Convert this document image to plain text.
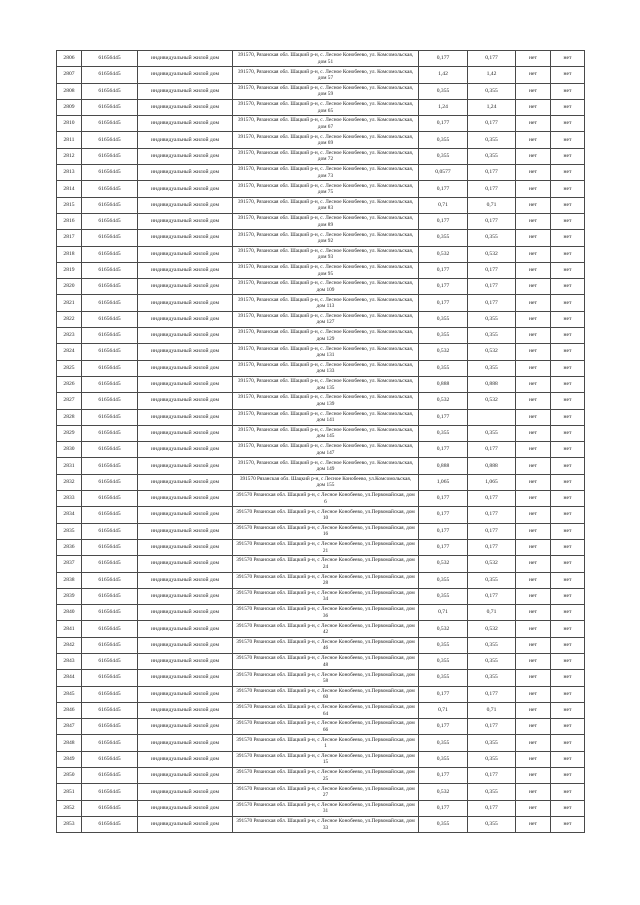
2806	61656445	индивидуальный жилой дом	391570, Рязанская обл. Шацкий р-н, с. Лесное Конобеево, ул. Комсомольская, дом 51	0,177	0,177	нет	нет
2807	61656445	индивидуальный жилой дом	391570, Рязанская обл. Шацкий р-н, с. Лесное Конобеево, ул. Комсомольская, дом 57	1,42	1,42	нет	нет
2808	61656445	индивидуальный жилой дом	391570, Рязанская обл. Шацкий р-н, с. Лесное Конобеево, ул. Комсомольская, дом 59	0,355	0,355	нет	нет
2809	61656445	индивидуальный жилой дом	391570, Рязанская обл. Шацкий р-н, с. Лесное Конобеево, ул. Комсомольская, дом 65	1,24	1,24	нет	нет
2810	61656445	индивидуальный жилой дом	391570, Рязанская обл. Шацкий р-н, с. Лесное Конобеево, ул. Комсомольская, дом 67	0,177	0,177	нет	нет
2811	61656445	индивидуальный жилой дом	391570, Рязанская обл. Шацкий р-н, с. Лесное Конобеево, ул. Комсомольская, дом 69	0,355	0,355	нет	нет
2812	61656445	индивидуальный жилой дом	391570, Рязанская обл. Шацкий р-н, с. Лесное Конобеево, ул. Комсомольская, дом 72	0,355	0,355	нет	нет
2813	61656445	индивидуальный жилой дом	391570, Рязанская обл. Шацкий р-н, с. Лесное Конобеево, ул. Комсомольская, дом 73	0,0577	0,177	нет	нет
2814	61656445	индивидуальный жилой дом	391570, Рязанская обл. Шацкий р-н, с. Лесное Конобеево, ул. Комсомольская, дом 75	0,177	0,177	нет	нет
2815	61656445	индивидуальный жилой дом	391570, Рязанская обл. Шацкий р-н, с. Лесное Конобеево, ул. Комсомольская, дом 83	0,71	0,71	нет	нет
2816	61656445	индивидуальный жилой дом	391570, Рязанская обл. Шацкий р-н, с. Лесное Конобеево, ул. Комсомольская, дом 89	0,177	0,177	нет	нет
2817	61656445	индивидуальный жилой дом	391570, Рязанская обл. Шацкий р-н, с. Лесное Конобеево, ул. Комсомольская, дом 92	0,355	0,355	нет	нет
2818	61656445	индивидуальный жилой дом	391570, Рязанская обл. Шацкий р-н, с. Лесное Конобеево, ул. Комсомольская, дом 93	0,532	0,532	нет	нет
2819	61656445	индивидуальный жилой дом	391570, Рязанская обл. Шацкий р-н, с. Лесное Конобеево, ул. Комсомольская, дом 95	0,177	0,177	нет	нет
2820	61656445	индивидуальный жилой дом	391570, Рязанская обл. Шацкий р-н, с. Лесное Конобеево, ул. Комсомольская, дом 109	0,177	0,177	нет	нет
2821	61656445	индивидуальный жилой дом	391570, Рязанская обл. Шацкий р-н, с. Лесное Конобеево, ул. Комсомольская, дом 113	0,177	0,177	нет	нет
2822	61656445	индивидуальный жилой дом	391570, Рязанская обл. Шацкий р-н, с. Лесное Конобеево, ул. Комсомольская, дом 127	0,355	0,355	нет	нет
2823	61656445	индивидуальный жилой дом	391570, Рязанская обл. Шацкий р-н, с. Лесное Конобеево, ул. Комсомольская, дом 129	0,355	0,355	нет	нет
2824	61656445	индивидуальный жилой дом	391570, Рязанская обл. Шацкий р-н, с. Лесное Конобеево, ул. Комсомольская, дом 131	0,532	0,532	нет	нет
2825	61656445	индивидуальный жилой дом	391570, Рязанская обл. Шацкий р-н, с. Лесное Конобеево, ул. Комсомольская, дом 133	0,355	0,355	нет	нет
2826	61656445	индивидуальный жилой дом	391570, Рязанская обл. Шацкий р-н, с. Лесное Конобеево, ул. Комсомольская, дом 135	0,888	0,888	нет	нет
2827	61656445	индивидуальный жилой дом	391570, Рязанская обл. Шацкий р-н, с. Лесное Конобеево, ул. Комсомольская, дом 139	0,532	0,532	нет	нет
2828	61656445	индивидуальный жилой дом	391570, Рязанская обл. Шацкий р-н, с. Лесное Конобеево, ул. Комсомольская, дом 141	0,177		нет	нет
2829	61656445	индивидуальный жилой дом	391570, Рязанская обл. Шацкий р-н, с. Лесное Конобеево, ул. Комсомольская, дом 145	0,355	0,355	нет	нет
2830	61656445	индивидуальный жилой дом	391570, Рязанская обл. Шацкий р-н, с. Лесное Конобеево, ул. Комсомольская, дом 147	0,177	0,177	нет	нет
2831	61656445	индивидуальный жилой дом	391570, Рязанская обл. Шацкий р-н, с. Лесное Конобеево, ул. Комсомольская, дом 149	0,888	0,888	нет	нет
2832	61656445	индивидуальный жилой дом	391570 Рязанская обл. Шацкий р-н, с Лесное Конобеево, ул.Комсомольская, дом 155	1,065	1,065	нет	нет
2833	61656445	индивидуальный жилой дом	391570 Рязанская обл. Шацкий р-н, с Лесное Конобеево, ул.Первомайская, дом 6	0,177	0,177	нет	нет
2834	61656445	индивидуальный жилой дом	391570 Рязанская обл. Шацкий р-н, с Лесное Конобеево, ул.Первомайская, дом 10	0,177	0,177	нет	нет
2835	61656445	индивидуальный жилой дом	391570 Рязанская обл. Шацкий р-н, с Лесное Конобеево, ул.Первомайская, дом 16	0,177	0,177	нет	нет
2836	61656445	индивидуальный жилой дом	391570 Рязанская обл. Шацкий р-н, с Лесное Конобеево, ул.Первомайская, дом 21	0,177	0,177	нет	нет
2837	61656445	индивидуальный жилой дом	391570 Рязанская обл. Шацкий р-н, с Лесное Конобеево, ул.Первомайская, дом 24	0,532	0,532	нет	нет
2838	61656445	индивидуальный жилой дом	391570 Рязанская обл. Шацкий р-н, с Лесное Конобеево, ул.Первомайская, дом 28	0,355	0,355	нет	нет
2839	61656445	индивидуальный жилой дом	391570 Рязанская обл. Шацкий р-н, с Лесное Конобеево, ул.Первомайская, дом 34	0,355	0,177	нет	нет
2840	61656445	индивидуальный жилой дом	391570 Рязанская обл. Шацкий р-н, с Лесное Конобеево, ул.Первомайская, дом 36	0,71	0,71	нет	нет
2841	61656445	индивидуальный жилой дом	391570 Рязанская обл. Шацкий р-н, с Лесное Конобеево, ул.Первомайская, дом 42	0,532	0,532	нет	нет
2842	61656445	индивидуальный жилой дом	391570 Рязанская обл. Шацкий р-н, с Лесное Конобеево, ул.Первомайская, дом 46	0,355	0,355	нет	нет
2843	61656445	индивидуальный жилой дом	391570 Рязанская обл. Шацкий р-н, с Лесное Конобеево, ул.Первомайская, дом 48	0,355	0,355	нет	нет
2844	61656445	индивидуальный жилой дом	391570 Рязанская обл. Шацкий р-н, с Лесное Конобеево, ул.Первомайская, дом 58	0,355	0,355	нет	нет
2845	61656445	индивидуальный жилой дом	391570 Рязанская обл. Шацкий р-н, с Лесное Конобеево, ул.Первомайская, дом 60	0,177	0,177	нет	нет
2846	61656445	индивидуальный жилой дом	391570 Рязанская обл. Шацкий р-н, с Лесное Конобеево, ул.Первомайская, дом 64	0,71	0,71	нет	нет
2847	61656445	индивидуальный жилой дом	391570 Рязанская обл. Шацкий р-н, с Лесное Конобеево, ул.Первомайская, дом 66	0,177	0,177	нет	нет
2848	61656445	индивидуальный жилой дом	391570 Рязанская обл. Шацкий р-н, с Лесное Конобеево, ул.Первомайская, дом 1	0,355	0,355	нет	нет
2849	61656445	индивидуальный жилой дом	391570 Рязанская обл. Шацкий р-н, с Лесное Конобеево, ул.Первомайская, дом 15	0,355	0,355	нет	нет
2850	61656445	индивидуальный жилой дом	391570 Рязанская обл. Шацкий р-н, с Лесное Конобеево, ул.Первомайская, дом 25	0,177	0,177	нет	нет
2851	61656445	индивидуальный жилой дом	391570 Рязанская обл. Шацкий р-н, с Лесное Конобеево, ул.Первомайская, дом 27	0,532	0,355	нет	нет
2852	61656445	индивидуальный жилой дом	391570 Рязанская обл. Шацкий р-н, с Лесное Конобеево, ул.Первомайская, дом 31	0,177	0,177	нет	нет
2853	61656445	индивидуальный жилой дом	391570 Рязанская обл. Шацкий р-н, с Лесное Конобеево, ул.Первомайская, дом 33	0,355	0,355	нет	нет
